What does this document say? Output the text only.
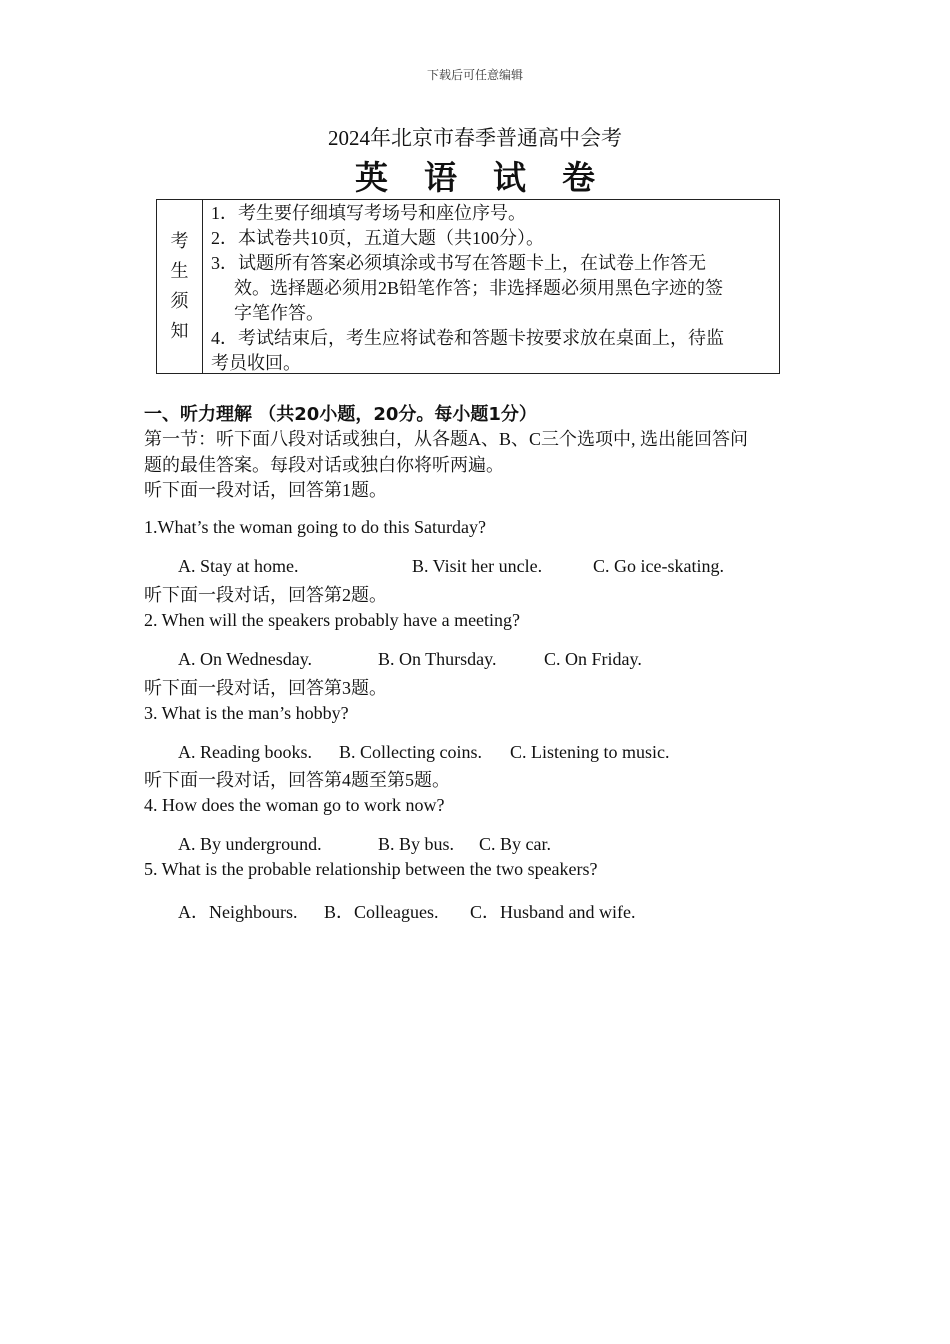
下载后可任意编辑
2024年北京市春季普通高中会考
英语试卷
考
生
须
知
1．考生要仔细填写考场号和座位序号。
2．本试卷共10页，五道大题（共100分）。
3．试题所有答案必须填涂或书写在答题卡上，在试卷上作答无
效。选择题必须用2B铅笔作答；非选择题必须用黑色字迹的签
字笔作答。
4．考试结束后，考生应将试卷和答题卡按要求放在桌面上，待监
考员收回。
一、听力理解 （共20小题，20分。每小题1分）
第一节：听下面八段对话或独白，从各题A、B、C三个选项中, 选出能回答问
题的最佳答案。每段对话或独白你将听两遍。
听下面一段对话，回答第1题。
1.What’s the woman going to do this Saturday?
A. Stay at home.	B. Visit her uncle.	C. Go ice-skating.
听下面一段对话，回答第2题。
2. When will the speakers probably have a meeting?
A. On Wednesday.	B. On Thursday.	C. On Friday.
听下面一段对话，回答第3题。
3. What is the man’s hobby?
A. Reading books. B. Collecting coins. C. Listening to music.
听下面一段对话，回答第4题至第5题。
4. How does the woman go to work now?
A. By underground.	B. By bus. C. By car.
5. What is the probable relationship between the two speakers?
A．Neighbours. B．Colleagues. C．Husband and wife.
